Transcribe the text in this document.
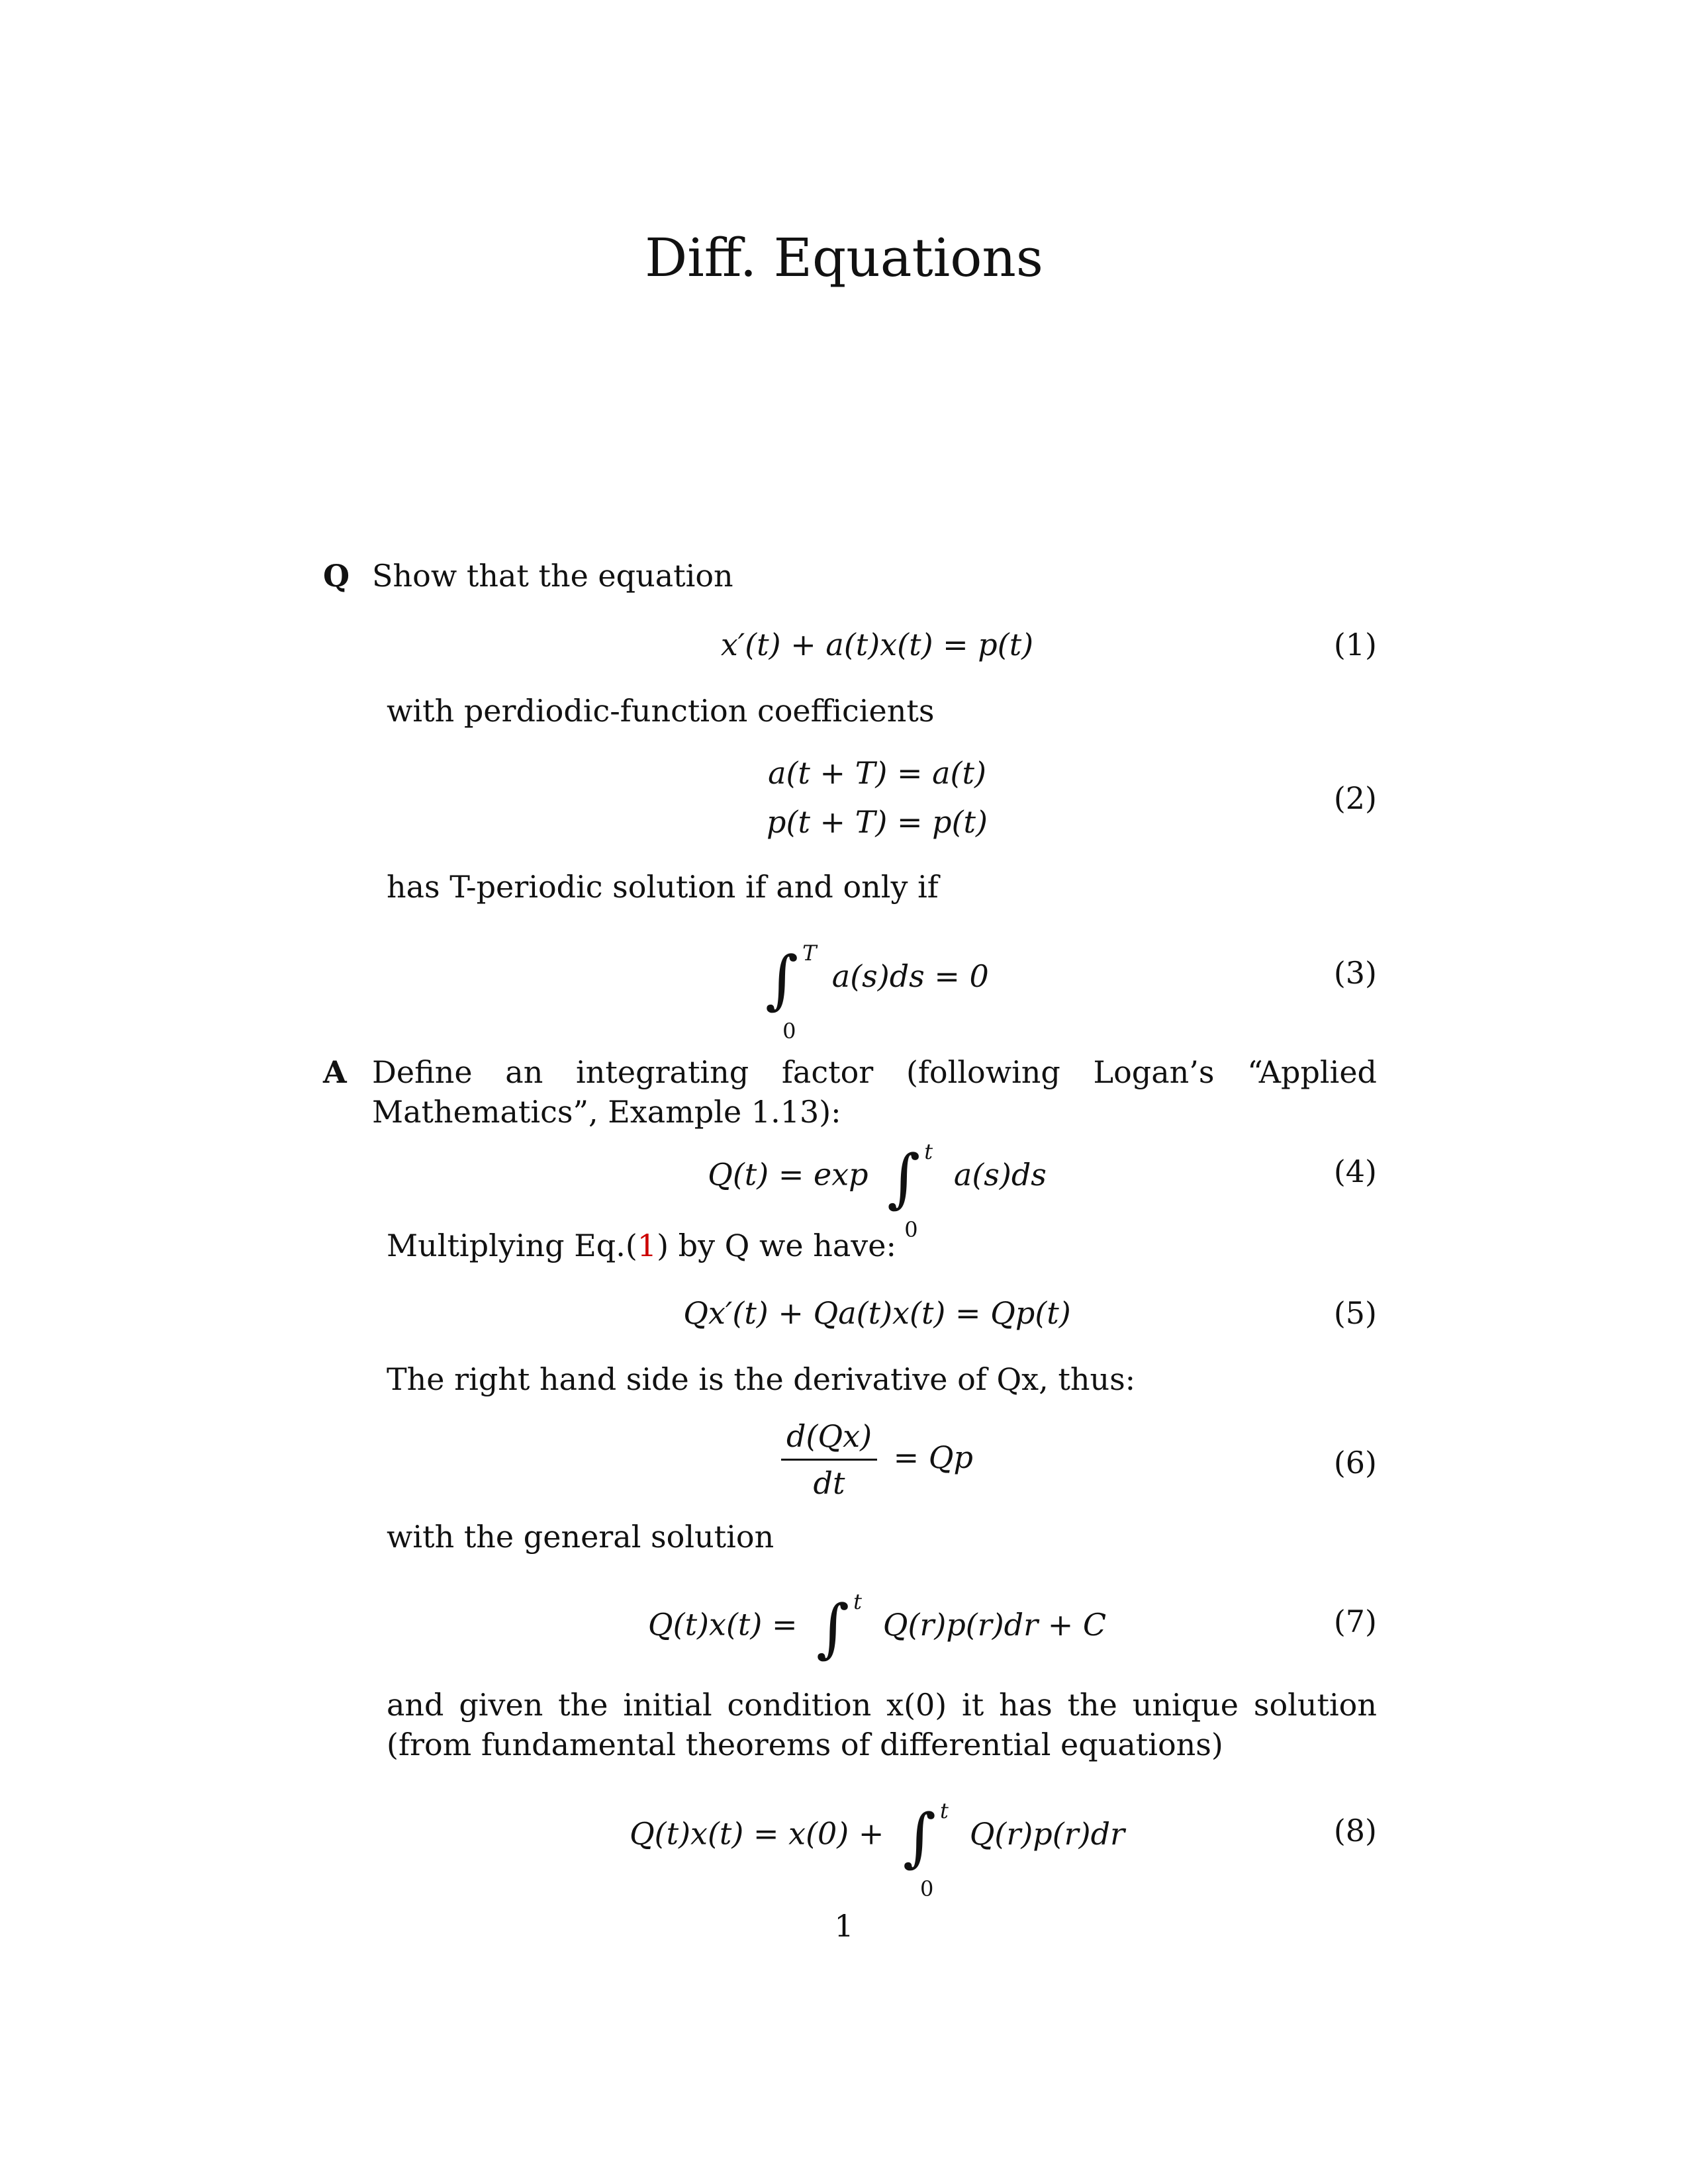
Diff. Equations
Q Show that the equation
x′(t) + a(t)x(t) = p(t)	(1)
with perdiodic-function coefficients
a(t + T) = a(t)
p(t + T) = p(t)
(2)
has T-periodic solution if and only if
∫ T
0
a(s)ds = 0	(3)
A Define an integrating factor (following Logan’s “Applied Mathematics”, Example 1.13):
Q(t) = exp ∫ t
0
a(s)ds	(4)
Multiplying Eq.(1) by Q we have:
Qx′(t) + Qa(t)x(t) = Qp(t)	(5)
The right hand side is the derivative of Qx, thus:
$\frac{d(Qx)}{dt} = Qp$	(6)
with the general solution
Q(t)x(t) = ∫ t
Q(r)p(r)dr + C	(7)
and given the initial condition x(0) it has the unique solution (from fundamental theorems of differential equations)
Q(t)x(t) = x(0) + ∫ t
0
Q(r)p(r)dr	(8)
1
